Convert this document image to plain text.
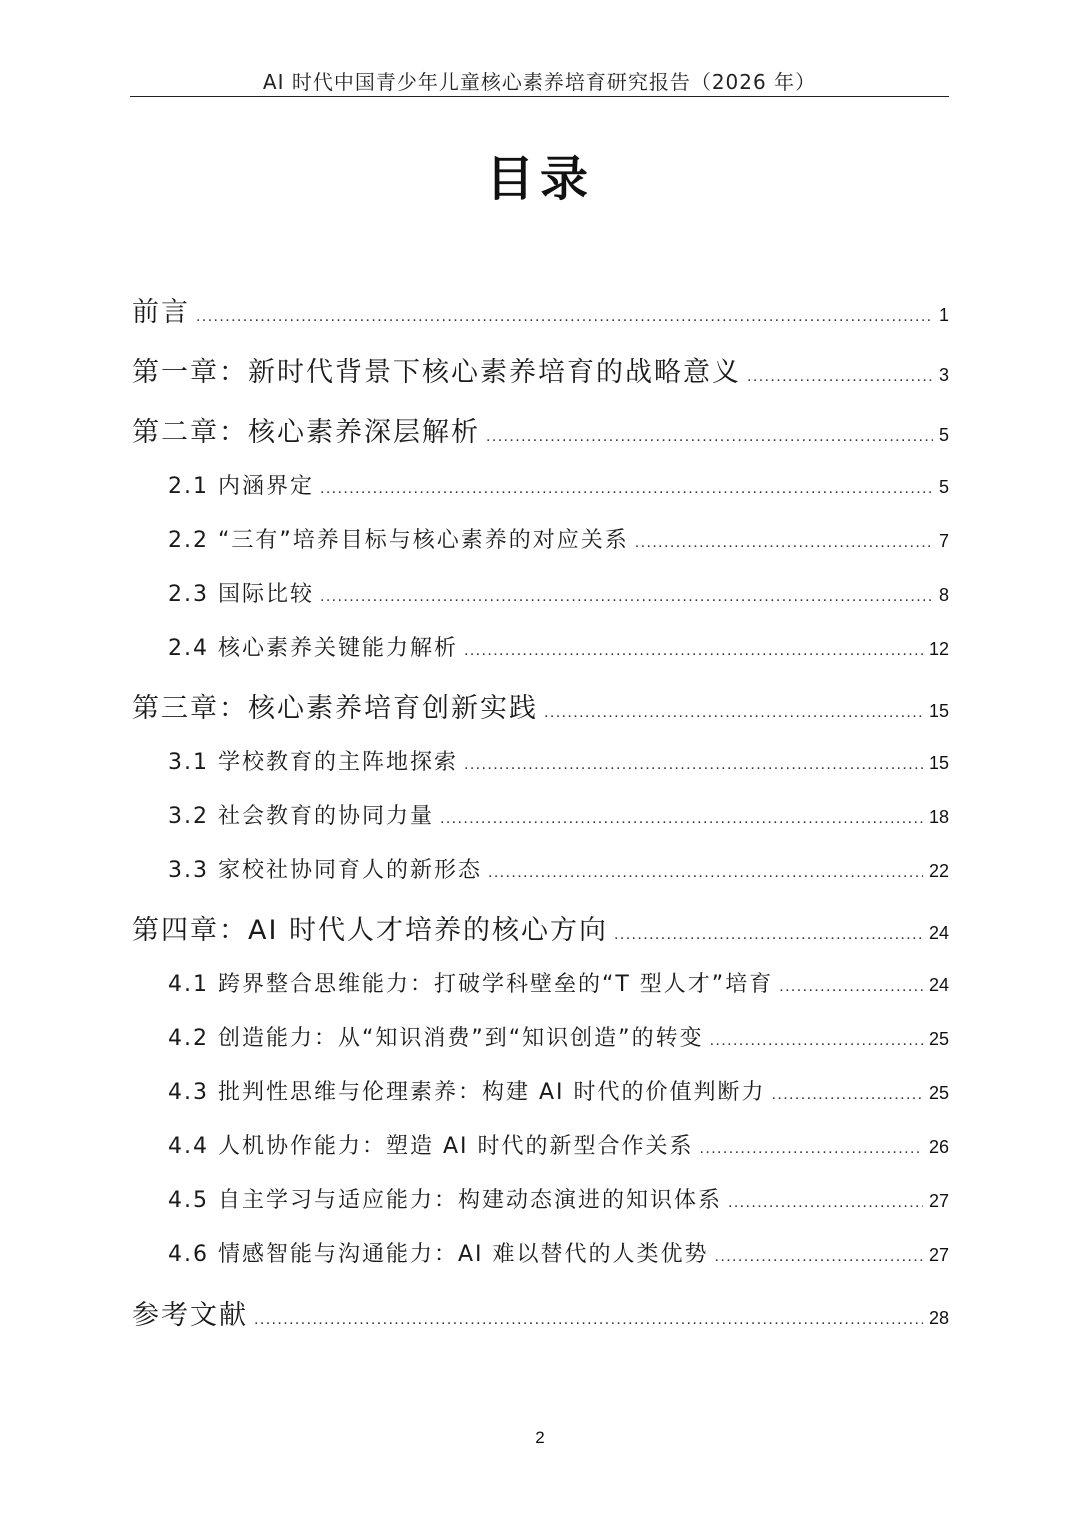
AI 时代中国青少年儿童核心素养培育研究报告（2026 年）
目录
前言 .....	1
第一章：新时代背景下核心素养培育的战略意义 .....	3
第二章：核心素养深层解析 .....	5
2.1 内涵界定 .....	5
2.2 “三有”培养目标与核心素养的对应关系 .....	7
2.3 国际比较 .....	8
2.4 核心素养关键能力解析 .....	12
第三章：核心素养培育创新实践 .....	15
3.1 学校教育的主阵地探索 .....	15
3.2 社会教育的协同力量 .....	18
3.3 家校社协同育人的新形态 .....	22
第四章：AI 时代人才培养的核心方向 .....	24
4.1 跨界整合思维能力：打破学科壁垒的“T 型人才”培育 .....	24
4.2 创造能力：从“知识消费”到“知识创造”的转变 .....	25
4.3 批判性思维与伦理素养：构建 AI 时代的价值判断力 .....	25
4.4 人机协作能力：塑造 AI 时代的新型合作关系 .....	26
4.5 自主学习与适应能力：构建动态演进的知识体系 .....	27
4.6 情感智能与沟通能力：AI 难以替代的人类优势 .....	27
参考文献 .....	28
2
